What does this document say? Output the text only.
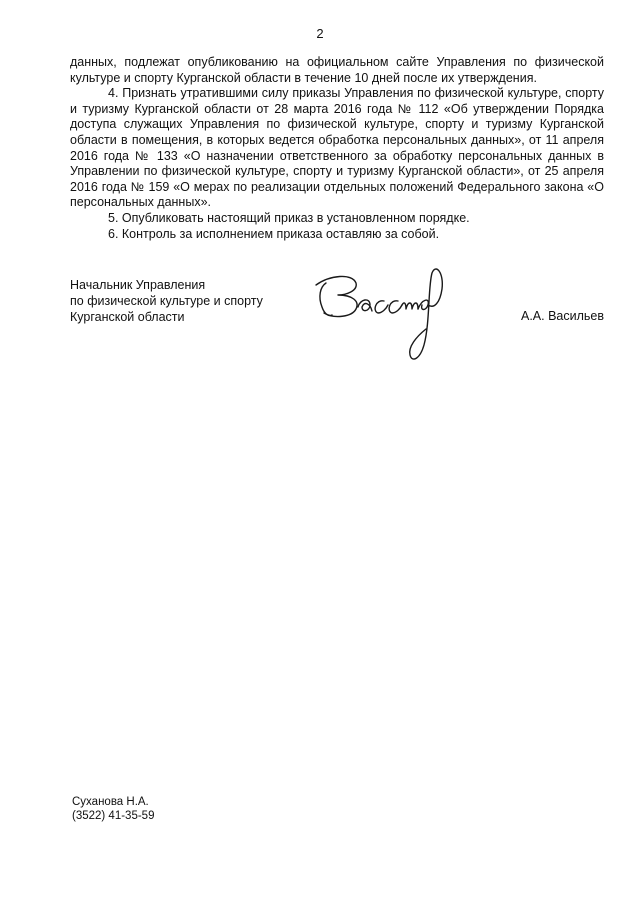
2

данных, подлежат опубликованию на официальном сайте Управления по физической культуре и спорту Курганской области в течение 10 дней после их утверждения.

4. Признать утратившими силу приказы Управления по физической культуре, спорту и туризму Курганской области от 28 марта 2016 года № 112 «Об утверждении Порядка доступа служащих Управления по физической культуре, спорту и туризму Курганской области в помещения, в которых ведется обработка персональных данных», от 11 апреля 2016 года № 133 «О назначении ответственного за обработку персональных данных в Управлении по физической культуре, спорту и туризму Курганской области», от 25 апреля 2016 года № 159 «О мерах по реализации отдельных положений Федерального закона «О персональных данных».

5. Опубликовать настоящий приказ в установленном порядке.

6. Контроль за исполнением приказа оставляю за собой.

Начальник Управления
по физической культуре и спорту
Курганской области	А.А. Васильев
Суханова Н.А.
(3522) 41-35-59
